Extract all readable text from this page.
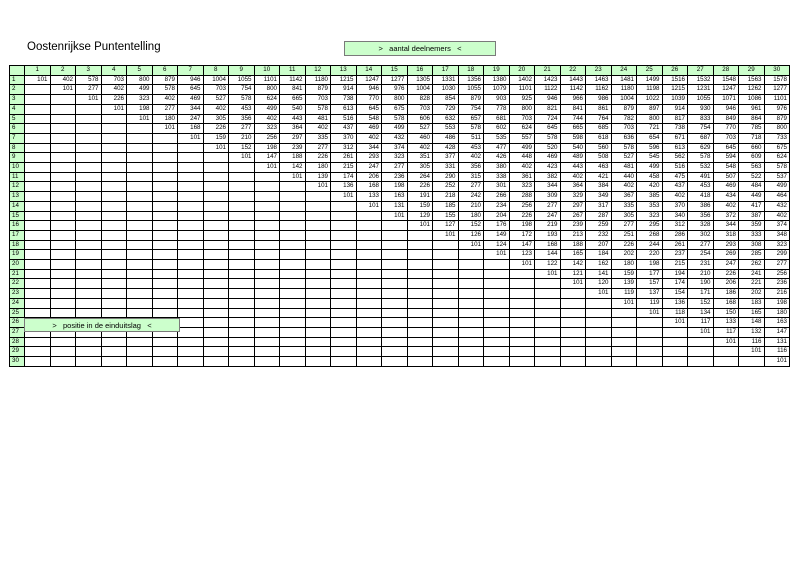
Oostenrijkse Puntentelling	>   aantal deelnemers   <
	1	2	3	4	5	6	7	8	9	10	11	12	13	14	15	16	17	18	19	20	21	22	23	24	25	26	27	28	29	30
1	101	402	578	703	800	879	946	1004	1055	1101	1142	1180	1215	1247	1277	1305	1331	1356	1380	1402	1423	1443	1463	1481	1499	1516	1532	1548	1563	1578
2		101	277	402	499	578	645	703	754	800	841	879	914	946	976	1004	1030	1055	1079	1101	1122	1142	1162	1180	1198	1215	1231	1247	1262	1277
3			101	226	323	402	469	527	578	624	665	703	738	770	800	828	854	879	903	925	946	966	986	1004	1022	1039	1055	1071	1086	1101
4				101	198	277	344	402	453	499	540	578	613	645	675	703	729	754	778	800	821	841	861	879	897	914	930	946	961	976
5					101	180	247	305	356	402	443	481	516	548	578	606	632	657	681	703	724	744	764	782	800	817	833	849	864	879
6						101	168	226	277	323	364	402	437	469	499	527	553	578	602	624	645	665	685	703	721	738	754	770	785	800
7							101	159	210	256	297	335	370	402	432	460	486	511	535	557	578	598	618	636	654	671	687	703	718	733
8								101	152	198	239	277	312	344	374	402	428	453	477	499	520	540	560	578	596	613	629	645	660	675
9									101	147	188	226	261	293	323	351	377	402	426	448	469	489	508	527	545	562	578	594	609	624
10										101	142	180	215	247	277	305	331	356	380	402	423	443	463	481	499	516	532	548	563	578
11											101	139	174	206	236	264	290	315	338	361	382	402	421	440	458	475	491	507	522	537
12												101	136	168	198	226	252	277	301	323	344	364	384	402	420	437	453	469	484	499
13													101	133	163	191	218	242	266	288	309	329	349	367	385	402	418	434	449	464
14														101	131	159	185	210	234	256	277	297	317	335	353	370	386	402	417	432
15															101	129	155	180	204	226	247	267	287	305	323	340	356	372	387	402
16																101	127	152	176	198	219	239	259	277	295	312	328	344	359	374
17																	101	126	149	172	193	213	232	251	268	286	302	318	333	348
18																		101	124	147	168	188	207	226	244	261	277	293	308	323
19																			101	123	144	165	184	202	220	237	254	269	285	299
20																				101	122	142	162	180	198	215	231	247	262	277
21																					101	121	141	159	177	194	210	226	241	256
22																						101	120	139	157	174	190	206	221	236
23																							101	119	137	154	171	186	202	216
24																								101	119	136	152	168	183	198
25																									101	118	134	150	165	180
26																										101	117	133	148	163
27																											101	117	132	147
28																												101	116	131
29																													101	116
30																														101
>   positie in de einduitslag   <
